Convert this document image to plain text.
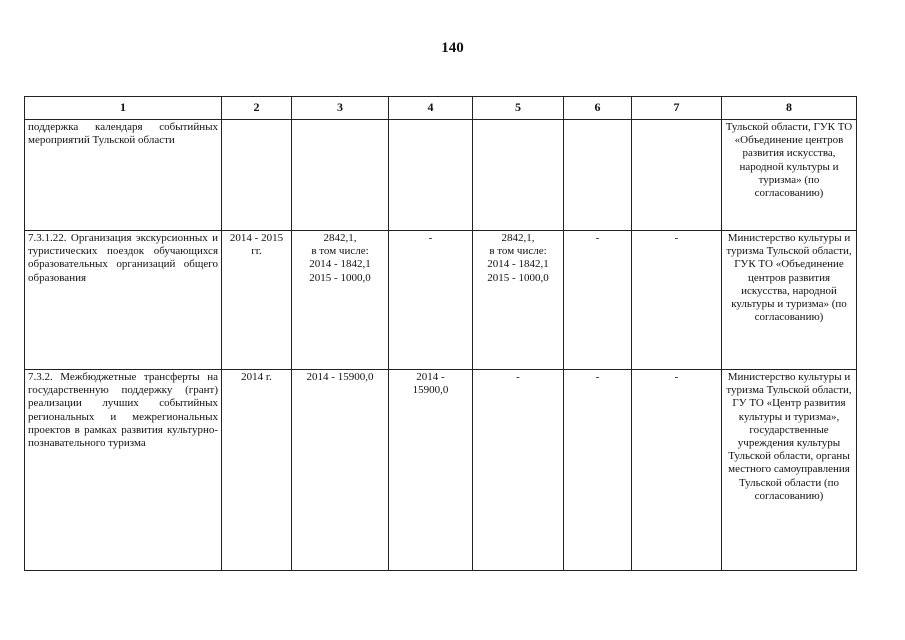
140
1	2	3	4	5	6	7	8
поддержка календаря событийных мероприятий Тульской области							Тульской области, ГУК ТО «Объединение центров развития искусства, народной культуры и туризма» (по согласованию)
7.3.1.22. Организация экскурсионных и туристических поездок обучающихся образовательных организаций общего образования	2014 - 2015 гг.	2842,1,
в том числе:
2014 - 1842,1
2015 - 1000,0	-	2842,1,
в том числе:
2014 - 1842,1
2015 - 1000,0	-	-	Министерство культуры и туризма Тульской области, ГУК ТО «Объединение центров развития искусства, народной культуры и туризма» (по согласованию)
7.3.2. Межбюджетные трансферты на государственную поддержку (грант) реализации лучших событийных региональных и межрегиональных проектов в рамках развития культурно-познавательного туризма	2014 г.	2014 - 15900,0	2014 -
15900,0	-	-	-	Министерство культуры и туризма Тульской области, ГУ ТО «Центр развития культуры и туризма», государственные учреждения культуры Тульской области, органы местного самоуправления Тульской области (по согласованию)
